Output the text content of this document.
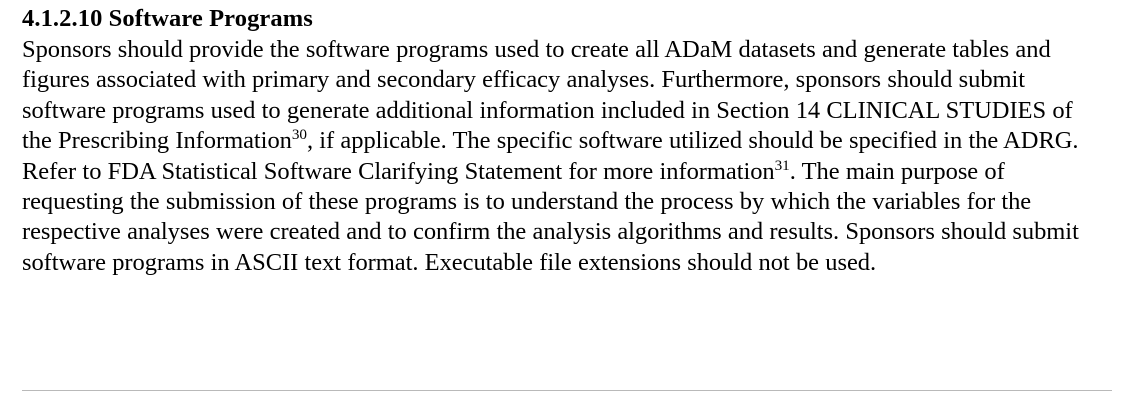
4.1.2.10 Software Programs

Sponsors should provide the software programs used to create all ADaM datasets and generate tables and figures associated with primary and secondary efficacy analyses. Furthermore, sponsors should submit software programs used to generate additional information included in Section 14 CLINICAL STUDIES of the Prescribing Information$^{30}$, if applicable. The specific software utilized should be specified in the ADRG. Refer to FDA Statistical Software Clarifying Statement for more information$^{31}$. The main purpose of requesting the submission of these programs is to understand the process by which the variables for the respective analyses were created and to confirm the analysis algorithms and results. Sponsors should submit software programs in ASCII text format. Executable file extensions should not be used.
